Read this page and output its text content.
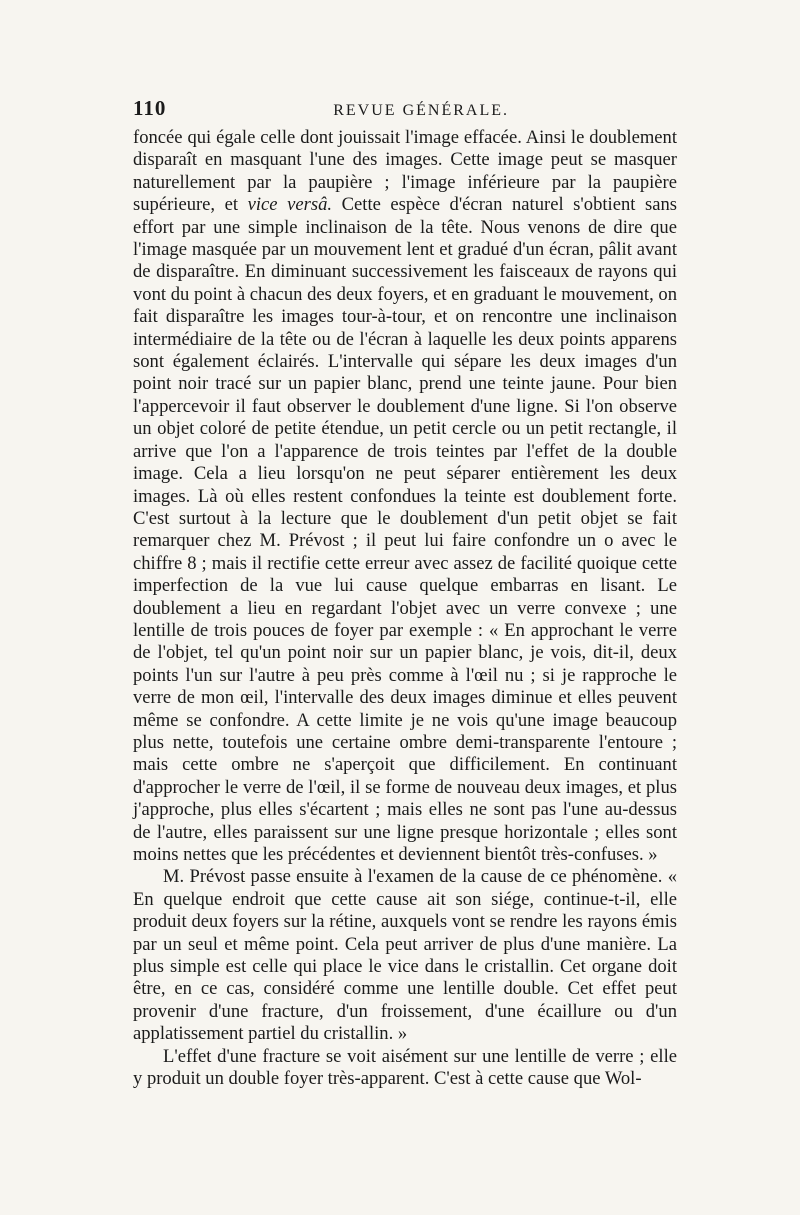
110	REVUE GÉNÉRALE.

foncée qui égale celle dont jouissait l'image effacée. Ainsi le doublement disparaît en masquant l'une des images. Cette image peut se masquer naturellement par la paupière ; l'image inférieure par la paupière supérieure, et vice versâ. Cette espèce d'écran naturel s'obtient sans effort par une simple inclinaison de la tête. Nous venons de dire que l'image masquée par un mouvement lent et gradué d'un écran, pâlit avant de disparaître. En diminuant successivement les faisceaux de rayons qui vont du point à chacun des deux foyers, et en graduant le mouvement, on fait disparaître les images tour-à-tour, et on rencontre une inclinaison intermédiaire de la tête ou de l'écran à laquelle les deux points apparens sont également éclairés. L'intervalle qui sépare les deux images d'un point noir tracé sur un papier blanc, prend une teinte jaune. Pour bien l'appercevoir il faut observer le doublement d'une ligne. Si l'on observe un objet coloré de petite étendue, un petit cercle ou un petit rectangle, il arrive que l'on a l'apparence de trois teintes par l'effet de la double image. Cela a lieu lorsqu'on ne peut séparer entièrement les deux images. Là où elles restent confondues la teinte est doublement forte. C'est surtout à la lecture que le doublement d'un petit objet se fait remarquer chez M. Prévost ; il peut lui faire confondre un o avec le chiffre 8 ; mais il rectifie cette erreur avec assez de facilité quoique cette imperfection de la vue lui cause quelque embarras en lisant. Le doublement a lieu en regardant l'objet avec un verre convexe ; une lentille de trois pouces de foyer par exemple : « En approchant le verre de l'objet, tel qu'un point noir sur un papier blanc, je vois, dit-il, deux points l'un sur l'autre à peu près comme à l'œil nu ; si je rapproche le verre de mon œil, l'intervalle des deux images diminue et elles peuvent même se confondre. A cette limite je ne vois qu'une image beaucoup plus nette, toutefois une certaine ombre demi-transparente l'entoure ; mais cette ombre ne s'aperçoit que difficilement. En continuant d'approcher le verre de l'œil, il se forme de nouveau deux images, et plus j'approche, plus elles s'écartent ; mais elles ne sont pas l'une au-dessus de l'autre, elles paraissent sur une ligne presque horizontale ; elles sont moins nettes que les précédentes et deviennent bientôt très-confuses. »

M. Prévost passe ensuite à l'examen de la cause de ce phénomène. « En quelque endroit que cette cause ait son siége, continue-t-il, elle produit deux foyers sur la rétine, auxquels vont se rendre les rayons émis par un seul et même point. Cela peut arriver de plus d'une manière. La plus simple est celle qui place le vice dans le cristallin. Cet organe doit être, en ce cas, considéré comme une lentille double. Cet effet peut provenir d'une fracture, d'un froissement, d'une écaillure ou d'un applatissement partiel du cristallin. »

L'effet d'une fracture se voit aisément sur une lentille de verre ; elle y produit un double foyer très-apparent. C'est à cette cause que Wol-
